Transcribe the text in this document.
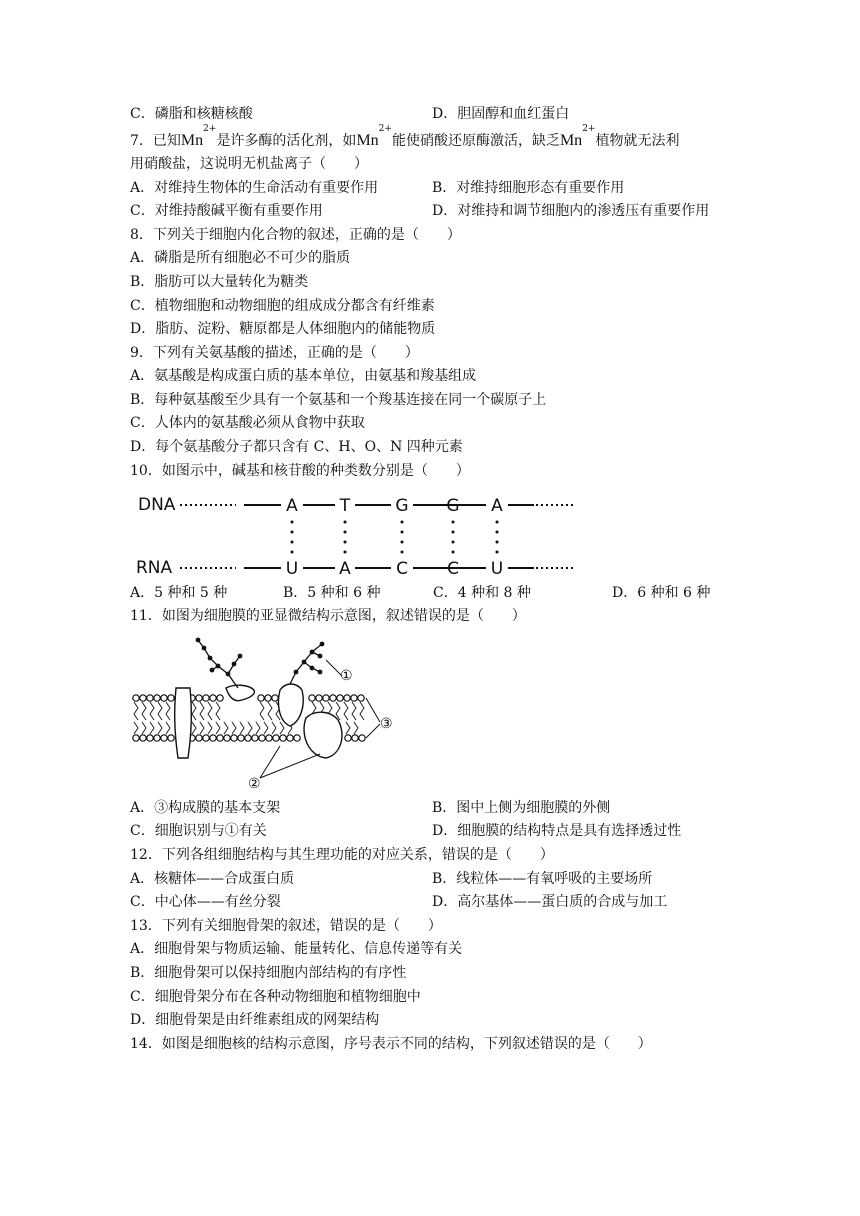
C．磷脂和核糖核酸	D．胆固醇和血红蛋白
7．已知$Mn^{2+}$是许多酶的活化剂，如$Mn^{2+}$能使硝酸还原酶激活，缺乏$Mn^{2+}$植物就无法利
用硝酸盐，这说明无机盐离子（　　）
A．对维持生物体的生命活动有重要作用	B．对维持细胞形态有重要作用
C．对维持酸碱平衡有重要作用	D．对维持和调节细胞内的渗透压有重要作用
8．下列关于细胞内化合物的叙述，正确的是（　　）
A．磷脂是所有细胞必不可少的脂质
B．脂肪可以大量转化为糖类
C．植物细胞和动物细胞的组成成分都含有纤维素
D．脂肪、淀粉、糖原都是人体细胞内的储能物质
9．下列有关氨基酸的描述，正确的是（　　）
A．氨基酸是构成蛋白质的基本单位，由氨基和羧基组成
B．每种氨基酸至少具有一个氨基和一个羧基连接在同一个碳原子上
C．人体内的氨基酸必须从食物中获取
D．每个氨基酸分子都只含有 C、H、O、N 四种元素
10．如图示中，碱基和核苷酸的种类数分别是（　　）
DNA
RNA
A T	G G A
U A	C C U
A．5 种和 5 种	B．5 种和 6 种	C．4 种和 8 种	D．6 种和 6 种
11．如图为细胞膜的亚显微结构示意图，叙述错误的是（　　）
①
③
②
A．③构成膜的基本支架	B．图中上侧为细胞膜的外侧
C．细胞识别与①有关	D．细胞膜的结构特点是具有选择透过性
12．下列各组细胞结构与其生理功能的对应关系，错误的是（　　）
A．核糖体——合成蛋白质	B．线粒体——有氧呼吸的主要场所
C．中心体——有丝分裂	D．高尔基体——蛋白质的合成与加工
13．下列有关细胞骨架的叙述，错误的是（　　）
A．细胞骨架与物质运输、能量转化、信息传递等有关
B．细胞骨架可以保持细胞内部结构的有序性
C．细胞骨架分布在各种动物细胞和植物细胞中
D．细胞骨架是由纤维素组成的网架结构
14．如图是细胞核的结构示意图，序号表示不同的结构，下列叙述错误的是（　　）
